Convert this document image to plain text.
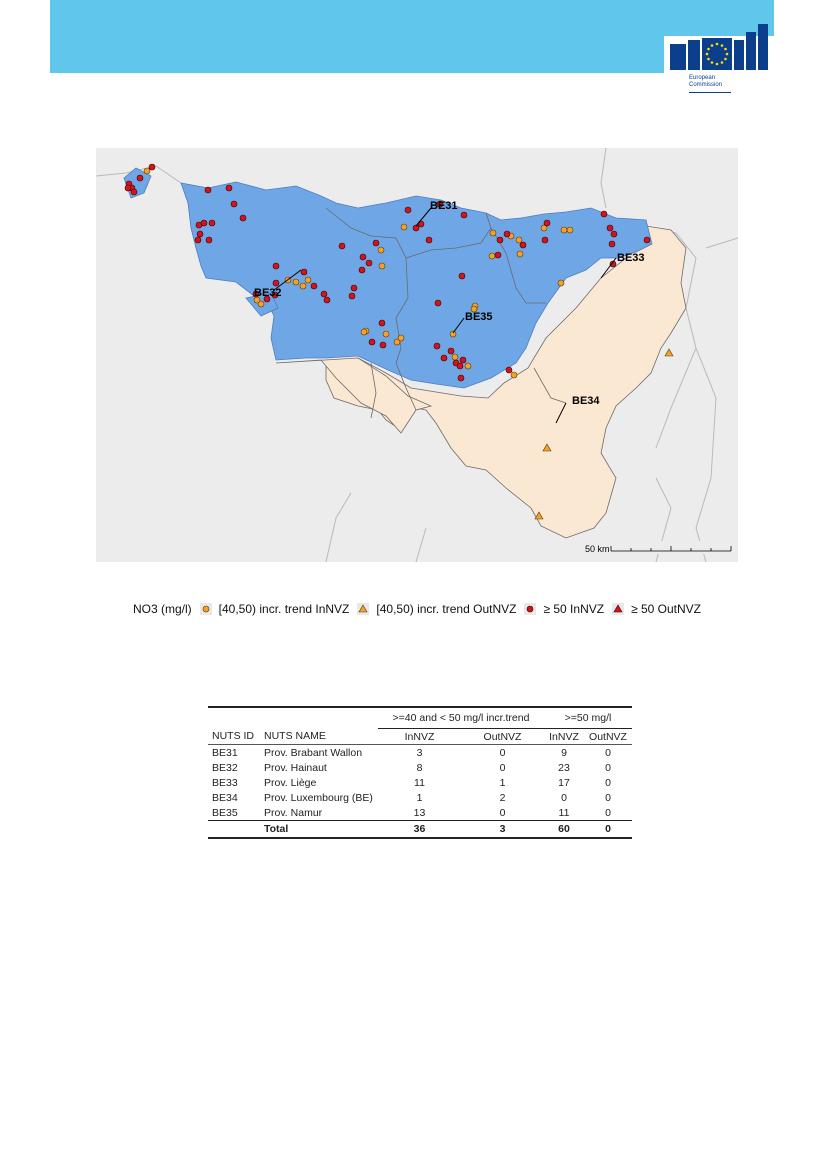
European
Commission
BE31
BE32
BE33
BE34
BE35
50 km
NO3 (mg/l) [40,50) incr. trend InNVZ [40,50) incr. trend OutNVZ ≥ 50 InNVZ ≥ 50 OutNVZ
		>=40 and < 50 mg/l incr.trend		>=50 mg/l	
NUTS ID	NUTS NAME	InNVZ	OutNVZ	InNVZ	OutNVZ
BE31	Prov. Brabant Wallon	3	0	9	0
BE32	Prov. Hainaut	8	0	23	0
BE33	Prov. Liège	11	1	17	0
BE34	Prov. Luxembourg (BE)	1	2	0	0
BE35	Prov. Namur	13	0	11	0
	Total	36	3	60	0
